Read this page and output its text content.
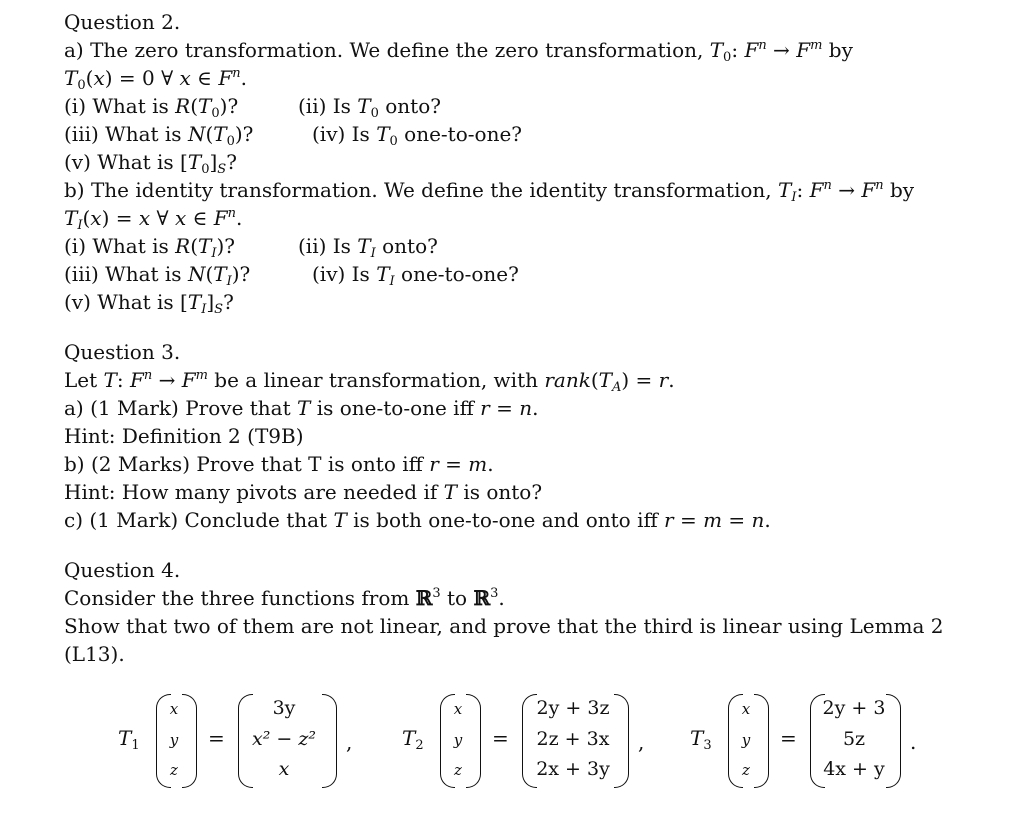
Question 2.
a) The zero transformation. We define the zero transformation, $T_0$: $F^n \to F^m$ by
$T_0(x) = 0$ ∀ x ∈ $F^n$.
(i) What is $R(T_0)$?	(ii) Is $T_0$ onto?
(iii) What is $N(T_0)$?	(iv) Is $T_0$ one-to-one?
(v) What is $[T_0]_S$?
b) The identity transformation. We define the identity transformation, $T_I$: $F^n \to F^n$ by
$T_I(x) = x$ ∀ x ∈ $F^n$.
(i) What is $R(T_I)$?	(ii) Is $T_I$ onto?
(iii) What is $N(T_I)$?	(iv) Is $T_I$ one-to-one?
(v) What is $[T_I]_S$?
Question 3.
Let T: $F^n \to F^m$ be a linear transformation, with $rank(T_A) = r$.
a) (1 Mark) Prove that T is one-to-one iff r = n.
Hint: Definition 2 (T9B)
b) (2 Marks) Prove that T is onto iff r = m.
Hint: How many pivots are needed if T is onto?
c) (1 Mark) Conclude that T is both one-to-one and onto iff r = m = n.
Question 4.
Consider the three functions from ℝ$^3$ to ℝ$^3$.
Show that two of them are not linear, and prove that the third is linear using Lemma 2
(L13).
$T_1$
x
y
z
=
3y
x² − z²
x
, $T_2$
x
y
z
=
2y + 3z
2z + 3x
2x + 3y
, $T_3$
x
y
z
=
2y + 3
5z
4x + y
.
